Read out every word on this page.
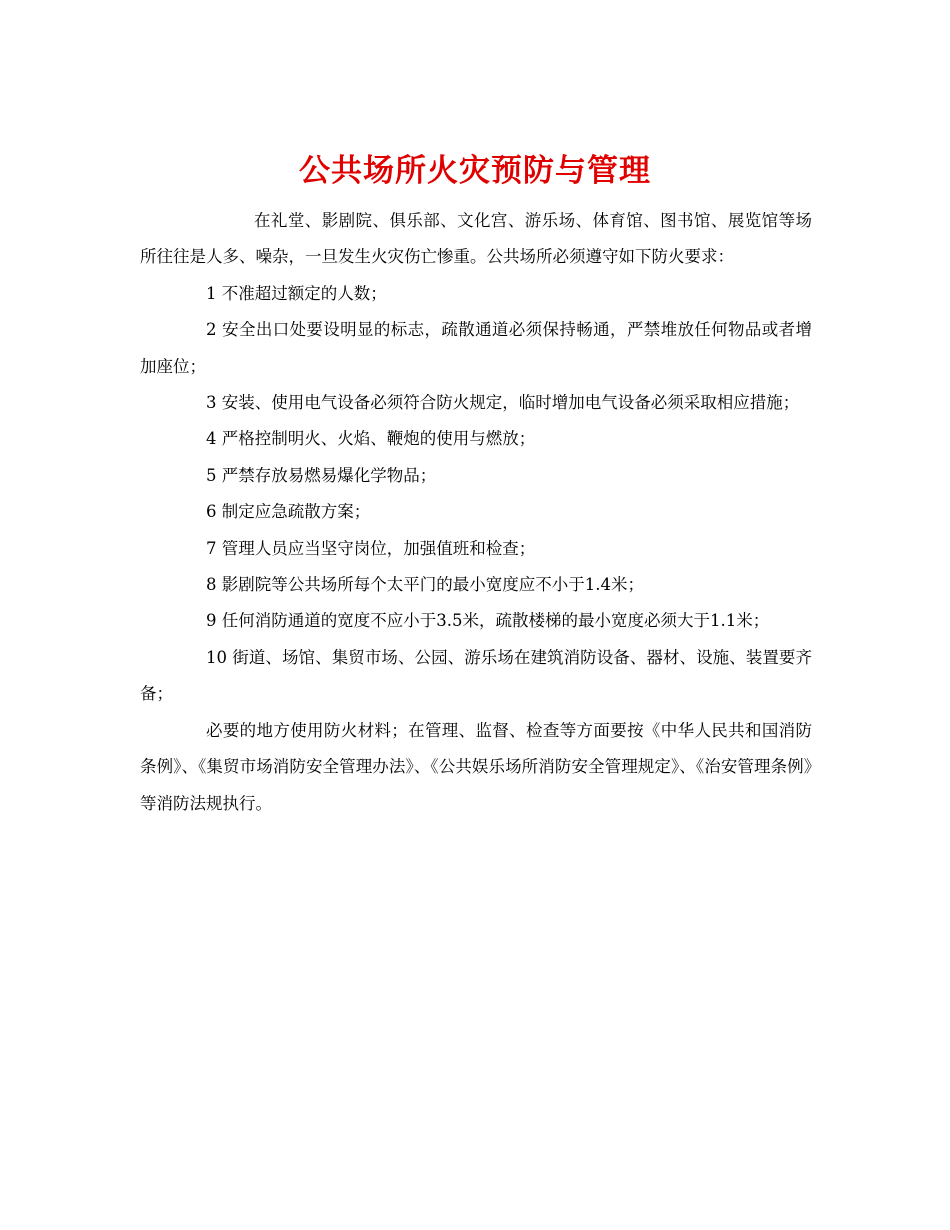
公共场所火灾预防与管理

在礼堂、影剧院、俱乐部、文化宫、游乐场、体育馆、图书馆、展览馆等场所往往是人多、噪杂，一旦发生火灾伤亡惨重。公共场所必须遵守如下防火要求：

1 不准超过额定的人数；

2 安全出口处要设明显的标志，疏散通道必须保持畅通，严禁堆放任何物品或者增加座位；

3 安装、使用电气设备必须符合防火规定，临时增加电气设备必须采取相应措施；

4 严格控制明火、火焰、鞭炮的使用与燃放；

5 严禁存放易燃易爆化学物品；

6 制定应急疏散方案；

7 管理人员应当坚守岗位，加强值班和检查；

8 影剧院等公共场所每个太平门的最小宽度应不小于1.4米；

9 任何消防通道的宽度不应小于3.5米，疏散楼梯的最小宽度必须大于1.1米；

10 街道、场馆、集贸市场、公园、游乐场在建筑消防设备、器材、设施、装置要齐备；

必要的地方使用防火材料；在管理、监督、检查等方面要按《中华人民共和国消防条例》、《集贸市场消防安全管理办法》、《公共娱乐场所消防安全管理规定》、《治安管理条例》等消防法规执行。
